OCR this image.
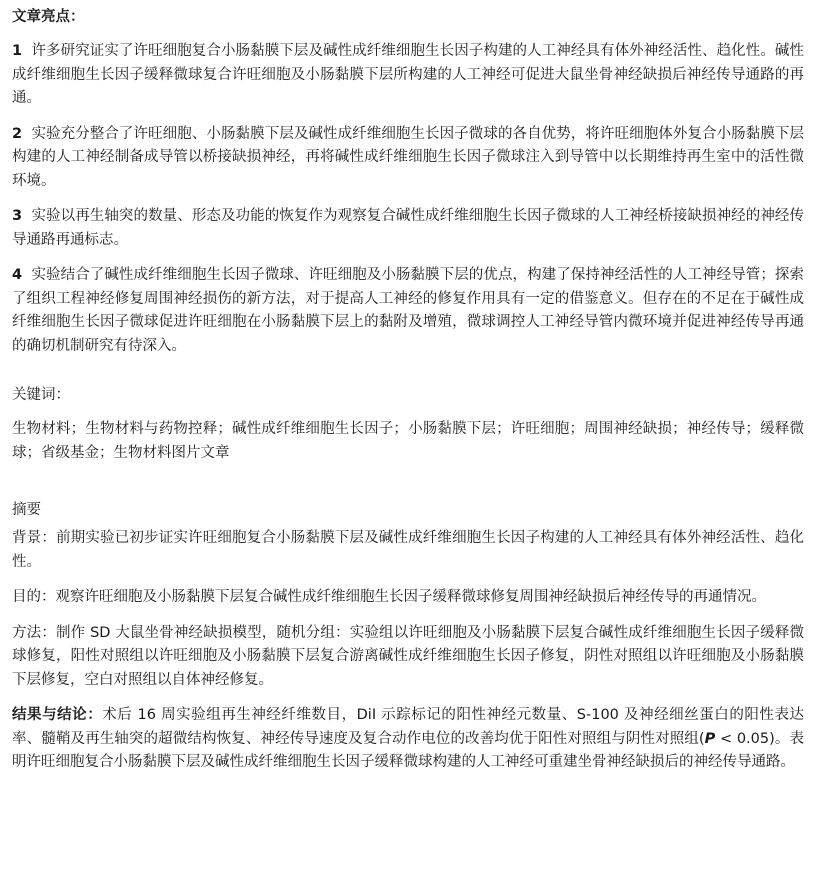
文章亮点：

1 许多研究证实了许旺细胞复合小肠黏膜下层及碱性成纤维细胞生长因子构建的人工神经具有体外神经活性、趋化性。碱性成纤维细胞生长因子缓释微球复合许旺细胞及小肠黏膜下层所构建的人工神经可促进大鼠坐骨神经缺损后神经传导通路的再通。

2 实验充分整合了许旺细胞、小肠黏膜下层及碱性成纤维细胞生长因子微球的各自优势，将许旺细胞体外复合小肠黏膜下层构建的人工神经制备成导管以桥接缺损神经，再将碱性成纤维细胞生长因子微球注入到导管中以长期维持再生室中的活性微环境。

3 实验以再生轴突的数量、形态及功能的恢复作为观察复合碱性成纤维细胞生长因子微球的人工神经桥接缺损神经的神经传导通路再通标志。

4 实验结合了碱性成纤维细胞生长因子微球、许旺细胞及小肠黏膜下层的优点，构建了保持神经活性的人工神经导管；探索了组织工程神经修复周围神经损伤的新方法，对于提高人工神经的修复作用具有一定的借鉴意义。但存在的不足在于碱性成纤维细胞生长因子微球促进许旺细胞在小肠黏膜下层上的黏附及增殖，微球调控人工神经导管内微环境并促进神经传导再通的确切机制研究有待深入。

关键词：

生物材料；生物材料与药物控释；碱性成纤维细胞生长因子；小肠黏膜下层；许旺细胞；周围神经缺损；神经传导；缓释微球；省级基金；生物材料图片文章

摘要

背景：前期实验已初步证实许旺细胞复合小肠黏膜下层及碱性成纤维细胞生长因子构建的人工神经具有体外神经活性、趋化性。

目的：观察许旺细胞及小肠黏膜下层复合碱性成纤维细胞生长因子缓释微球修复周围神经缺损后神经传导的再通情况。

方法：制作 SD 大鼠坐骨神经缺损模型，随机分组：实验组以许旺细胞及小肠黏膜下层复合碱性成纤维细胞生长因子缓释微球修复，阳性对照组以许旺细胞及小肠黏膜下层复合游离碱性成纤维细胞生长因子修复，阴性对照组以许旺细胞及小肠黏膜下层修复，空白对照组以自体神经修复。

结果与结论：术后 16 周实验组再生神经纤维数目，DiI 示踪标记的阳性神经元数量、S-100 及神经细丝蛋白的阳性表达率、髓鞘及再生轴突的超微结构恢复、神经传导速度及复合动作电位的改善均优于阳性对照组与阴性对照组(P < 0.05)。表明许旺细胞复合小肠黏膜下层及碱性成纤维细胞生长因子缓释微球构建的人工神经可重建坐骨神经缺损后的神经传导通路。
